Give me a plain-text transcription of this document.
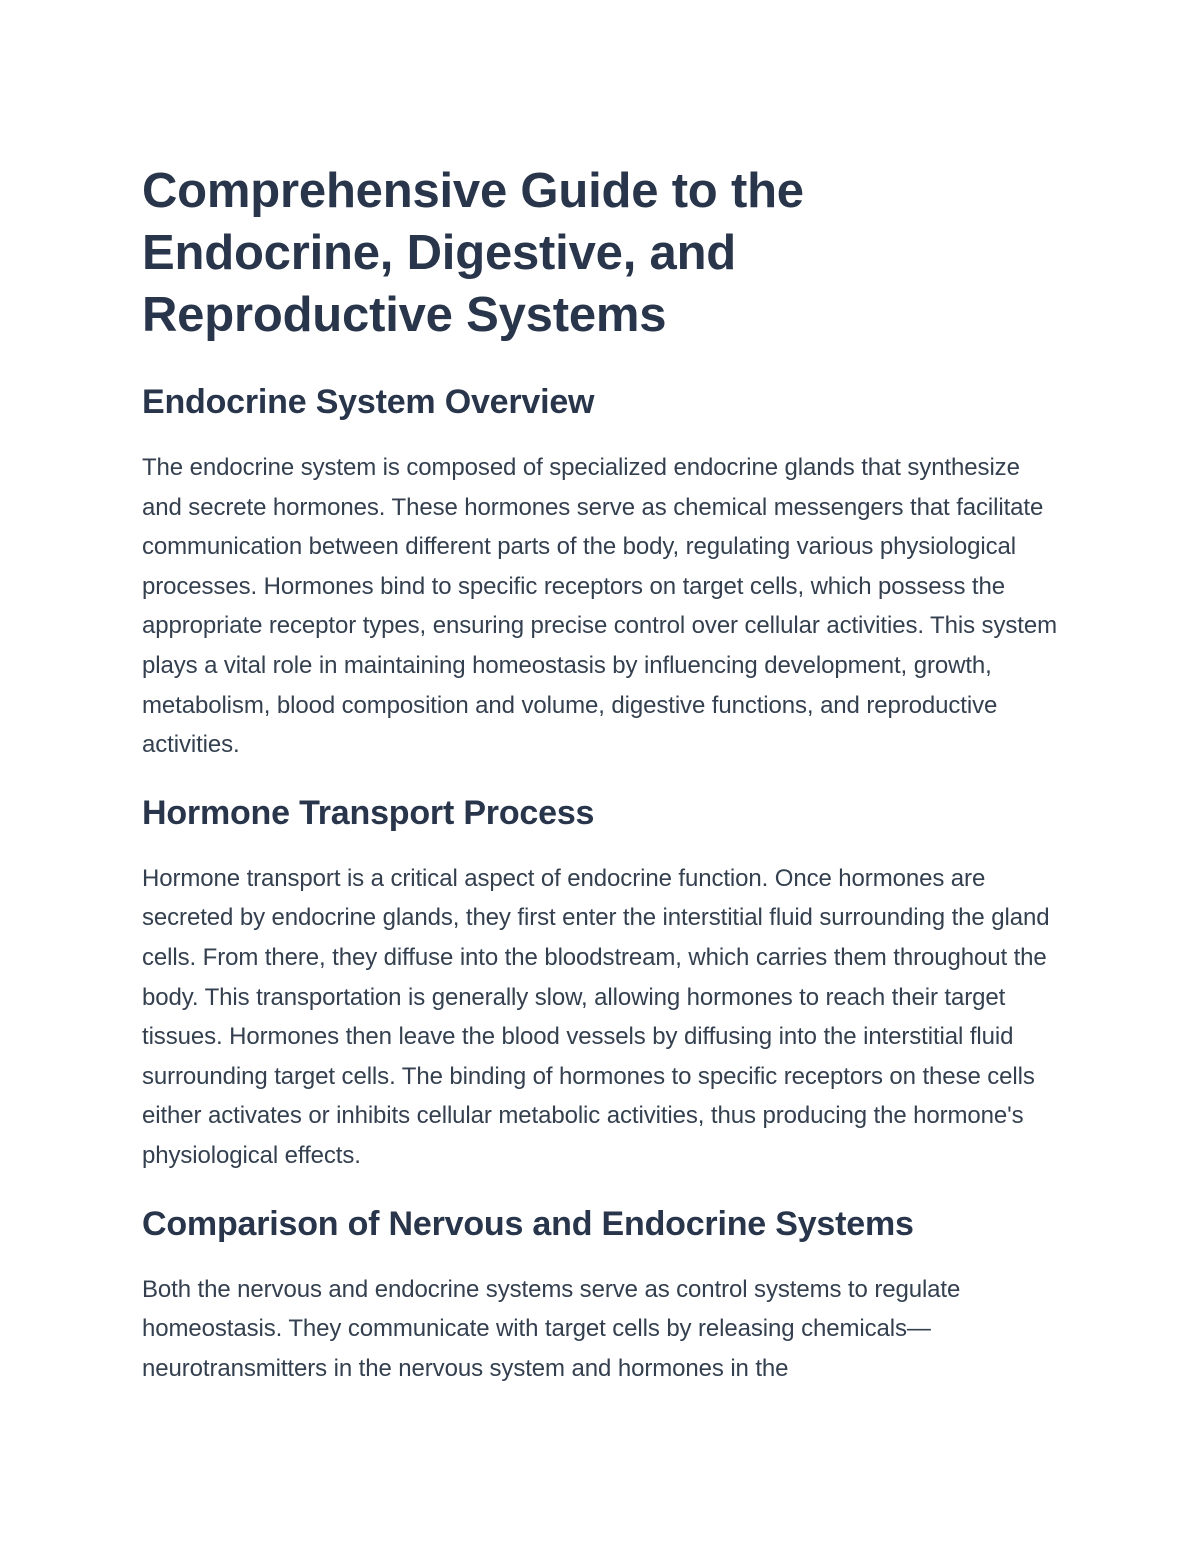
Comprehensive Guide to the Endocrine, Digestive, and Reproductive Systems
Endocrine System Overview

The endocrine system is composed of specialized endocrine glands that synthesize and secrete hormones. These hormones serve as chemical messengers that facilitate communication between different parts of the body, regulating various physiological processes. Hormones bind to specific receptors on target cells, which possess the appropriate receptor types, ensuring precise control over cellular activities. This system plays a vital role in maintaining homeostasis by influencing development, growth, metabolism, blood composition and volume, digestive functions, and reproductive activities.

Hormone Transport Process

Hormone transport is a critical aspect of endocrine function. Once hormones are secreted by endocrine glands, they first enter the interstitial fluid surrounding the gland cells. From there, they diffuse into the bloodstream, which carries them throughout the body. This transportation is generally slow, allowing hormones to reach their target tissues. Hormones then leave the blood vessels by diffusing into the interstitial fluid surrounding target cells. The binding of hormones to specific receptors on these cells either activates or inhibits cellular metabolic activities, thus producing the hormone's physiological effects.

Comparison of Nervous and Endocrine Systems

Both the nervous and endocrine systems serve as control systems to regulate homeostasis. They communicate with target cells by releasing chemicals—neurotransmitters in the nervous system and hormones in the
